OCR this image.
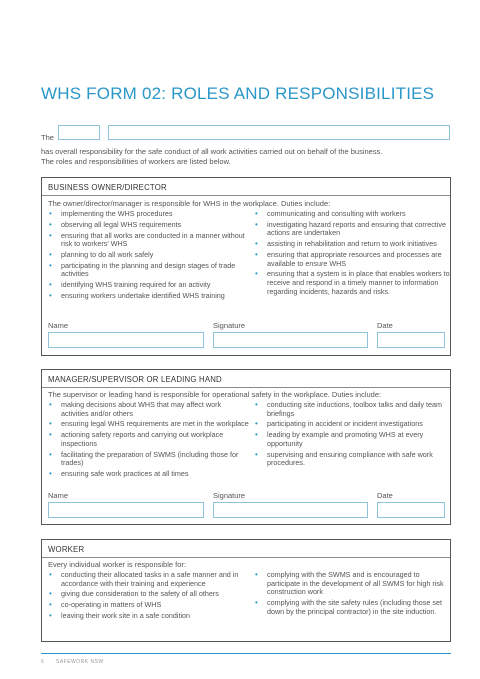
WHS FORM 02: ROLES AND RESPONSIBILITIES
The
has overall responsibility for the safe conduct of all work activities carried out on behalf of the business.
The roles and responsibilities of workers are listed below.
BUSINESS OWNER/DIRECTOR
The owner/director/manager is responsible for WHS in the workplace. Duties include:
• implementing the WHS procedures
• observing all legal WHS requirements
• ensuring that all works are conducted in a manner without risk to workers' WHS
• planning to do all work safely
• participating in the planning and design stages of trade activities
• identifying WHS training required for an activity
• ensuring workers undertake identified WHS training
• communicating and consulting with workers
• investigating hazard reports and ensuring that corrective actions are undertaken
• assisting in rehabilitation and return to work initiatives
• ensuring that appropriate resources and processes are available to ensure WHS
• ensuring that a system is in place that enables workers to receive and respond in a timely manner to information regarding incidents, hazards and risks.
Name	Signature	Date
MANAGER/SUPERVISOR OR LEADING HAND
The supervisor or leading hand is responsible for operational safety in the workplace. Duties include:
• making decisions about WHS that may affect work activities and/or others
• ensuring legal WHS requirements are met in the workplace
• actioning safety reports and carrying out workplace inspections
• facilitating the preparation of SWMS (including those for trades)
• ensuring safe work practices at all times
• conducting site inductions, toolbox talks and daily team briefings
• participating in accident or incident investigations
• leading by example and promoting WHS at every opportunity
• supervising and ensuring compliance with safe work procedures.
Name	Signature	Date
WORKER
Every individual worker is responsible for:
• conducting their allocated tasks in a safe manner and in accordance with their training and experience
• giving due consideration to the safety of all others
• co-operating in matters of WHS
• leaving their work site in a safe condition
• complying with the SWMS and is encouraged to participate in the development of all SWMS for high risk construction work
• complying with the site safety rules (including those set down by the principal contractor) in the site induction.
6 SAFEWORK NSW
